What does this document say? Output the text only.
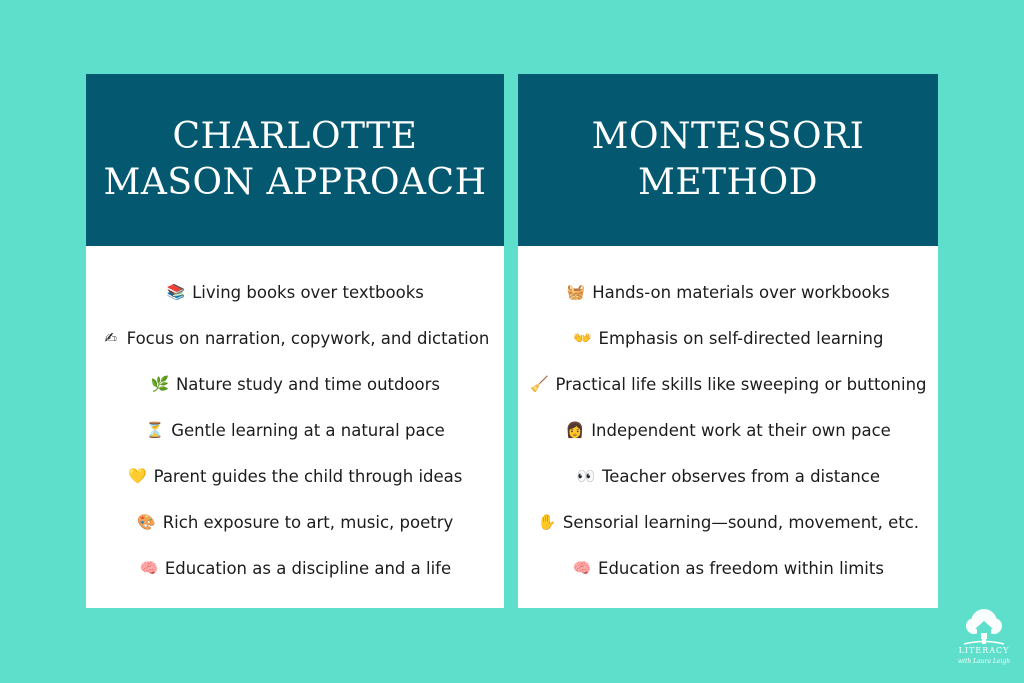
CHARLOTTE
MASON APPROACH
📚 Living books over textbooks
✍ Focus on narration, copywork, and dictation
🌿 Nature study and time outdoors
⏳ Gentle learning at a natural pace
💛 Parent guides the child through ideas
🎨 Rich exposure to art, music, poetry
🧠 Education as a discipline and a life
MONTESSORI
METHOD
🧺 Hands-on materials over workbooks
👐 Emphasis on self-directed learning
🧹 Practical life skills like sweeping or buttoning
👩 Independent work at their own pace
👀 Teacher observes from a distance
✋ Sensorial learning—sound, movement, etc.
🧠 Education as freedom within limits
LITERACY
with Laura Leigh
